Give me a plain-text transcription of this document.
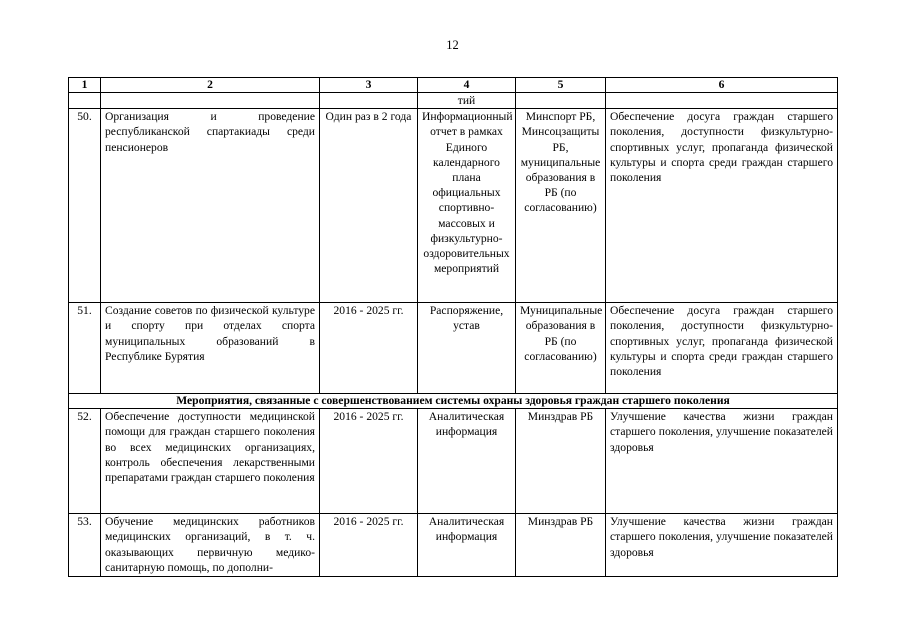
12
1	2	3	4	5	6
			тий		
50.	Организация и проведение республиканской спартакиады среди пенсионеров	Один раз в 2 года	Информационный отчет в рамках Единого календарного плана официальных спортивно-массовых и физкультурно-оздоровительных мероприятий	Минспорт РБ, Минсоцзащиты РБ, муниципальные образования в РБ (по согласованию)	Обеспечение досуга граждан старшего поколения, доступности физкультурно-спортивных услуг, пропаганда физической культуры и спорта среди граждан старшего поколения
51.	Создание советов по физической культуре и спорту при отделах спорта муниципальных образований в Республике Бурятия	2016 - 2025 гг.	Распоряжение, устав	Муниципальные образования в РБ (по согласованию)	Обеспечение досуга граждан старшего поколения, доступности физкультурно-спортивных услуг, пропаганда физической культуры и спорта среди граждан старшего поколения
Мероприятия, связанные с совершенствованием системы охраны здоровья граждан старшего поколения					
52.	Обеспечение доступности медицинской помощи для граждан старшего поколения во всех медицинских организациях, контроль обеспечения лекарственными препаратами граждан старшего поколения	2016 - 2025 гг.	Аналитическая информация	Минздрав РБ	Улучшение качества жизни граждан старшего поколения, улучшение показателей здоровья
53.	Обучение медицинских работников медицинских организаций, в т. ч. оказывающих первичную медико-санитарную помощь, по дополни-	2016 - 2025 гг.	Аналитическая информация	Минздрав РБ	Улучшение качества жизни граждан старшего поколения, улучшение показателей здоровья
